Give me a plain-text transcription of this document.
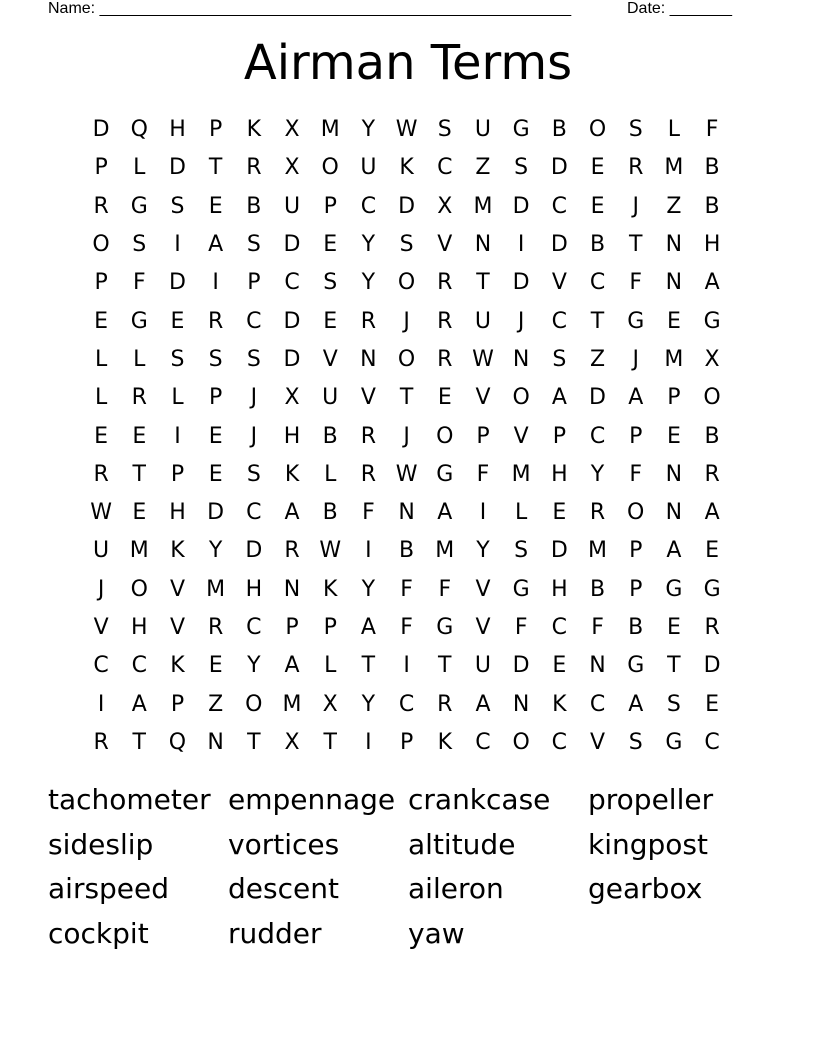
Name: _____________________________________________________

	Date: _______

Airman Terms
D Q H	P	K	X M Y W S	U G	B O	S	L	F
P	L	D	T	R	X O U	K	C	Z	S	D	E	R M B
R	G	S	E	B	U	P	C	D	X M D	C	E	J	Z	B
O	S	I	A	S	D	E	Y	S	V	N	I	D	B	T	N H
P	F	D	I	P	C	S	Y	O R	T	D	V	C	F	N	A
E	G	E	R	C	D	E	R	J	R	U	J	C	T	G	E	G
L	L	S	S	S	D	V	N O R W N	S	Z	J	M X
L	R	L	P	J	X	U	V	T	E	V O	A	D	A	P	O
E	E	I	E	J	H	B	R	J	O	P	V	P	C	P	E	B
R	T	P	E	S	K	L	R W G	F	M H	Y	F	N	R
W E	H D	C	A	B	F	N	A	I	L	E	R O N	A
U M K	Y	D	R W	I	B M Y	S	D M	P	A	E
J	O	V M H N	K	Y	F	F	V	G H	B	P	G G
V	H	V	R	C	P	P	A	F	G	V	F	C	F	B	E	R
C	C	K	E	Y	A	L	T	I	T	U D	E	N G	T	D
I	A	P	Z O M X	Y	C	R	A	N	K	C	A	S	E
R	T	Q N	T	X	T	I	P	K	C O C	V	S	G C
tachometer empennage crankcase	propeller
sideslip	vortices	altitude	kingpost
airspeed	descent	aileron	gearbox
cockpit	rudder	yaw
